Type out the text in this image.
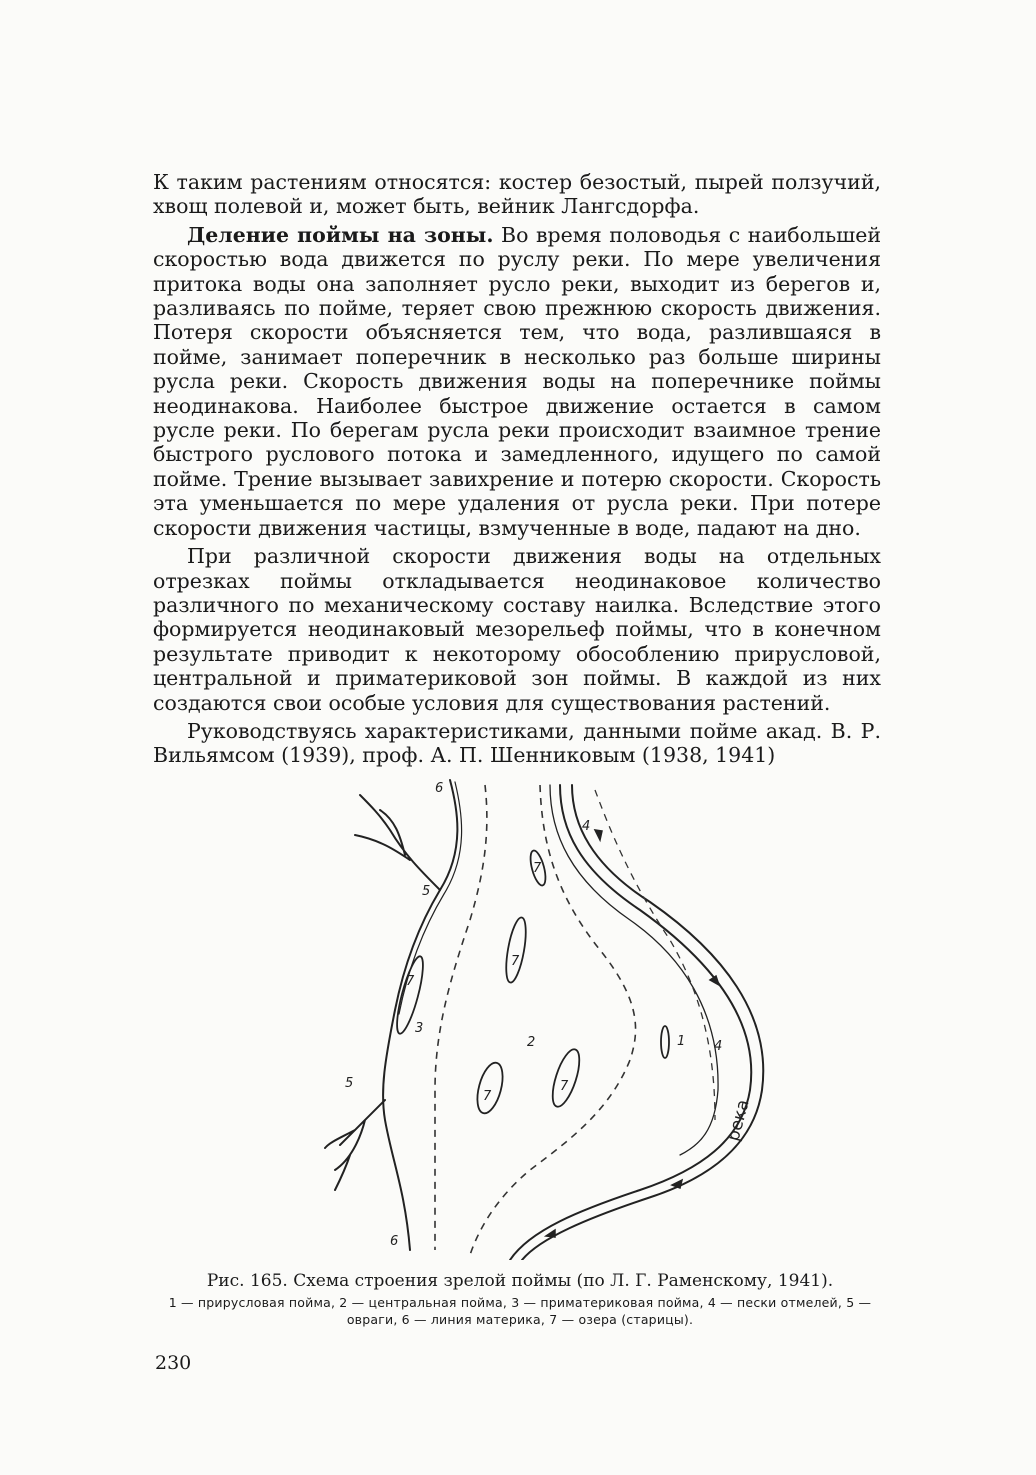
К таким растениям относятся: костер безостый, пырей ползучий, хвощ полевой и, может быть, вейник Лангсдорфа.

Деление поймы на зоны. Во время половодья с наибольшей скоростью вода движется по руслу реки. По мере увеличения притока воды она заполняет русло реки, выходит из берегов и, разливаясь по пойме, теряет свою прежнюю скорость движения. Потеря скорости объясняется тем, что вода, разлившаяся в пойме, занимает поперечник в несколько раз больше ширины русла реки. Скорость движения воды на поперечнике поймы неодинакова. Наиболее быстрое движение остается в самом русле реки. По берегам русла реки происходит взаимное трение быстрого руслового потока и замедленного, идущего по самой пойме. Трение вызывает завихрение и потерю скорости. Скорость эта уменьшается по мере удаления от русла реки. При потере скорости движения частицы, взмученные в воде, падают на дно.

При различной скорости движения воды на отдельных отрезках поймы откладывается неодинаковое количество различного по механическому составу наилка. Вследствие этого формируется неодинаковый мезорельеф поймы, что в конечном результате приводит к некоторому обособлению прирусловой, центральной и приматериковой зон поймы. В каждой из них создаются свои особые условия для существования растений.

Руководствуясь характеристиками, данными пойме акад. В. Р. Вильямсом (1939), проф. А. П. Шенниковым (1938, 1941)

1
2
3
4
4
5
5
6
6
7
7
7
7
7
река
Рис. 165. Схема строения зрелой поймы (по Л. Г. Раменскому, 1941).
1 — прирусловая пойма, 2 — центральная пойма, 3 — приматериковая пойма, 4 — пески отмелей, 5 — овраги, 6 — линия материка, 7 — озера (старицы).
230
